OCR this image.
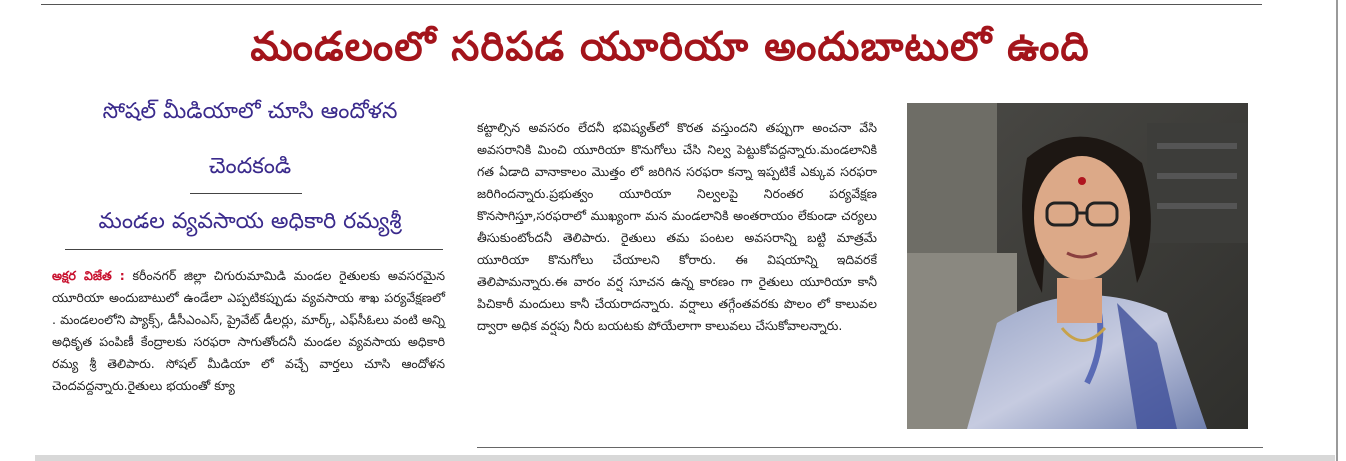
మండలంలో సరిపడ యూరియా అందుబాటులో ఉంది
సోషల్ మీడియాలో చూసి ఆందోళన
చెందకండి
మండల వ్యవసాయ అధికారి రమ్యశ్రీ

అక్షర విజేత : కరీంనగర్ జిల్లా చిగురుమామిడి మండల రైతులకు అవసరమైన యూరియా అందుబాటులో ఉండేలా ఎప్పటికప్పుడు వ్యవసాయ శాఖ పర్యవేక్షణలో . మండలంలోని ప్యాక్స్, డీసీఎంఎస్, ప్రైవేట్ డీలర్లు, మార్క్, ఎఫ్‌సీఓలు వంటి అన్ని అధికృత పంపిణీ కేంద్రాలకు సరఫరా సాగుతోందనీ మండల వ్యవసాయ అధికారి రమ్య శ్రీ తెలిపారు. సోషల్ మీడియా లో వచ్చే వార్తలు చూసి ఆందోళన చెందవద్దన్నారు.రైతులు భయంతో క్యూ

కట్టాల్సిన అవసరం లేదనీ భవిష్యత్‌లో కొరత వస్తుందని తప్పుగా అంచనా వేసి అవసరానికి మించి యూరియా కొనుగోలు చేసి నిల్వ పెట్టుకోవద్దన్నారు.మండలానికి గత ఏడాది వానాకాలం మొత్తం లో జరిగిన సరఫరా కన్నా ఇప్పటికే ఎక్కువ సరఫరా జరిగిందన్నారు.ప్రభుత్వం యూరియా నిల్వలపై నిరంతర పర్యవేక్షణ కొనసాగిస్తూ,సరఫరాలో ముఖ్యంగా మన మండలానికి అంతరాయం లేకుండా చర్యలు తీసుకుంటోందనీ తెలిపారు. రైతులు తమ పంటల అవసరాన్ని బట్టి మాత్రమే యూరియా కొనుగోలు చేయాలని కోరారు. ఈ విషయాన్ని ఇదివరకే తెలిపామన్నారు.ఈ వారం వర్ష సూచన ఉన్న కారణం గా రైతులు యూరియా కానీ పిచికారీ మందులు కానీ చేయరాదన్నారు. వర్షాలు తగ్గేంతవరకు పొలం లో కాలువల ద్వారా అధిక వర్షపు నీరు బయటకు పోయేలాగా కాలువలు చేసుకోవాలన్నారు.
